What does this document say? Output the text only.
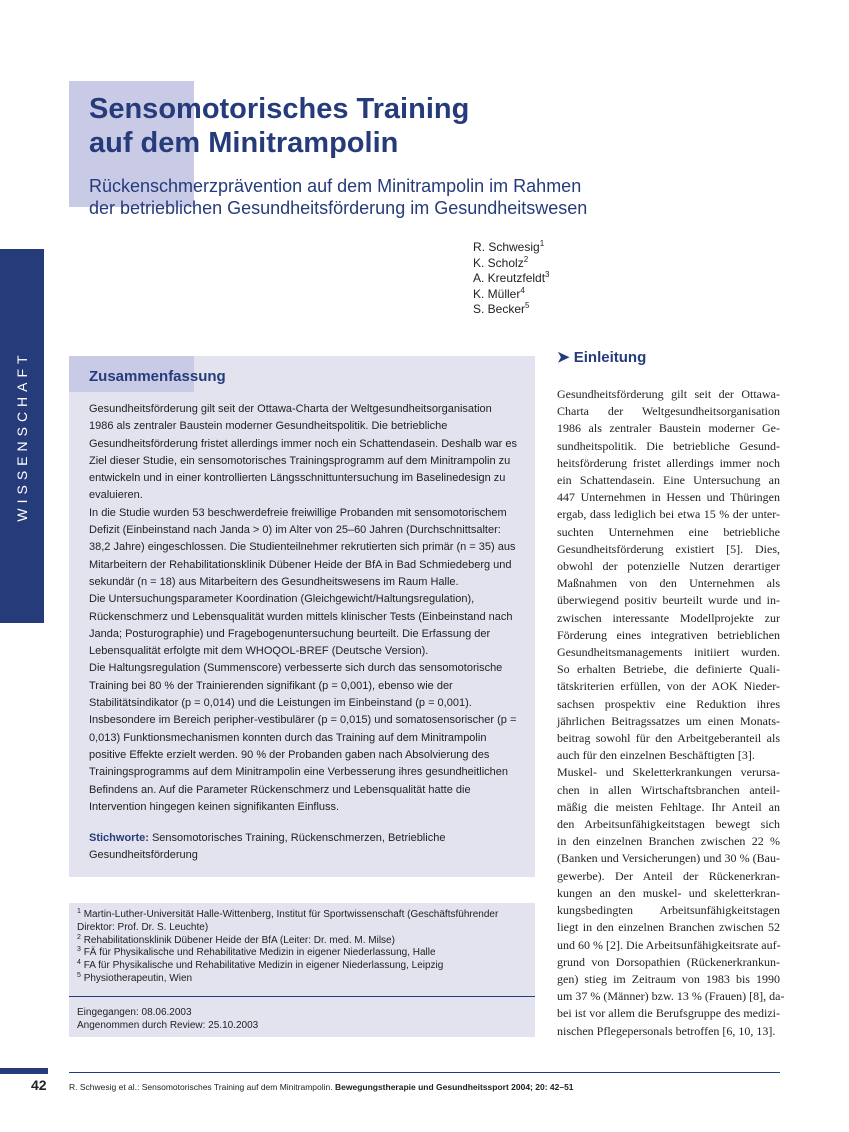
WISSENSCHAFT
Sensomotorisches Training
auf dem Minitrampolin
Rückenschmerzprävention auf dem Minitrampolin im Rahmen
der betrieblichen Gesundheitsförderung im Gesundheitswesen
R. Schwesig$^1$
K. Scholz$^2$
A. Kreutzfeldt$^3$
K. Müller$^4$
S. Becker$^5$
Zusammenfassung

Gesundheitsförderung gilt seit der Ottawa-Charta der Weltgesundheitsorganisation 1986 als zentraler Baustein moderner Gesundheitspolitik. Die betriebliche Gesundheitsförderung fristet allerdings immer noch ein Schattendasein. Deshalb war es Ziel dieser Studie, ein sensomotorisches Trainingsprogramm auf dem Minitrampolin zu entwickeln und in einer kontrollierten Längsschnittuntersuchung im Baselinedesign zu evaluieren.

In die Studie wurden 53 beschwerdefreie freiwillige Probanden mit sensomotorischem Defizit (Einbeinstand nach Janda > 0) im Alter von 25–60 Jahren (Durchschnittsalter: 38,2 Jahre) eingeschlossen. Die Studienteilnehmer rekrutierten sich primär (n = 35) aus Mitarbeitern der Rehabilitationsklinik Dübener Heide der BfA in Bad Schmiedeberg und sekundär (n = 18) aus Mitarbeitern des Gesundheitswesens im Raum Halle.

Die Untersuchungsparameter Koordination (Gleichgewicht/Haltungsregulation), Rückenschmerz und Lebensqualität wurden mittels klinischer Tests (Einbeinstand nach Janda; Posturographie) und Fragebogenuntersuchung beurteilt. Die Erfassung der Lebensqualität erfolgte mit dem WHOQOL-BREF (Deutsche Version).

Die Haltungsregulation (Summenscore) verbesserte sich durch das sensomotorische Training bei 80 % der Trainierenden signifikant (p = 0,001), ebenso wie der Stabilitätsindikator (p = 0,014) und die Leistungen im Einbeinstand (p = 0,001). Insbesondere im Bereich peripher-vestibulärer (p = 0,015) und somatosensorischer (p = 0,013) Funktionsmechanismen konnten durch das Training auf dem Minitrampolin positive Effekte erzielt werden. 90 % der Probanden gaben nach Absolvierung des Trainingsprogramms auf dem Minitrampolin eine Verbesserung ihres gesundheitlichen Befindens an. Auf die Parameter Rückenschmerz und Lebensqualität hatte die Intervention hingegen keinen signifikanten Einfluss.

Stichworte: Sensomotorisches Training, Rückenschmerzen, Betriebliche Gesundheitsförderung
$^1$ Martin-Luther-Universität Halle-Wittenberg, Institut für Sportwissenschaft (Geschäftsführender Direktor: Prof. Dr. S. Leuchte)
$^2$ Rehabilitationsklinik Dübener Heide der BfA (Leiter: Dr. med. M. Milse)
$^3$ FÄ für Physikalische und Rehabilitative Medizin in eigener Niederlassung, Halle
$^4$ FA für Physikalische und Rehabilitative Medizin in eigener Niederlassung, Leipzig
$^5$ Physiotherapeutin, Wien
Eingegangen: 08.06.2003
Angenommen durch Review: 25.10.2003
➤ Einleitung
Gesundheitsförderung gilt seit der Ottawa-
Charta der Weltgesundheitsorganisation
1986 als zentraler Baustein moderner Ge-
sundheitspolitik. Die betriebliche Gesund-
heitsförderung fristet allerdings immer noch
ein Schattendasein. Eine Untersuchung an
447 Unternehmen in Hessen und Thüringen
ergab, dass lediglich bei etwa 15 % der unter-
suchten Unternehmen eine betriebliche
Gesundheitsförderung existiert [5]. Dies,
obwohl der potenzielle Nutzen derartiger
Maßnahmen von den Unternehmen als
überwiegend positiv beurteilt wurde und in-
zwischen interessante Modellprojekte zur
Förderung eines integrativen betrieblichen
Gesundheitsmanagements initiiert wurden.
So erhalten Betriebe, die definierte Quali-
tätskriterien erfüllen, von der AOK Nieder-
sachsen prospektiv eine Reduktion ihres
jährlichen Beitragssatzes um einen Monats-
beitrag sowohl für den Arbeitgeberanteil als
auch für den einzelnen Beschäftigten [3].
Muskel- und Skeletterkrankungen verursa-
chen in allen Wirtschaftsbranchen anteil-
mäßig die meisten Fehltage. Ihr Anteil an
den Arbeitsunfähigkeitstagen bewegt sich
in den einzelnen Branchen zwischen 22 %
(Banken und Versicherungen) und 30 % (Bau-
gewerbe). Der Anteil der Rückenerkran-
kungen an den muskel- und skeletterkran-
kungsbedingten Arbeitsunfähigkeitstagen
liegt in den einzelnen Branchen zwischen 52
und 60 % [2]. Die Arbeitsunfähigkeitsrate auf-
grund von Dorsopathien (Rückenerkrankun-
gen) stieg im Zeitraum von 1983 bis 1990
um 37 % (Männer) bzw. 13 % (Frauen) [8], da-
bei ist vor allem die Berufsgruppe des medizi-
nischen Pflegepersonals betroffen [6, 10, 13].
42	R. Schwesig et al.: Sensomotorisches Training auf dem Minitrampolin. Bewegungstherapie und Gesundheitssport 2004; 20: 42–51
